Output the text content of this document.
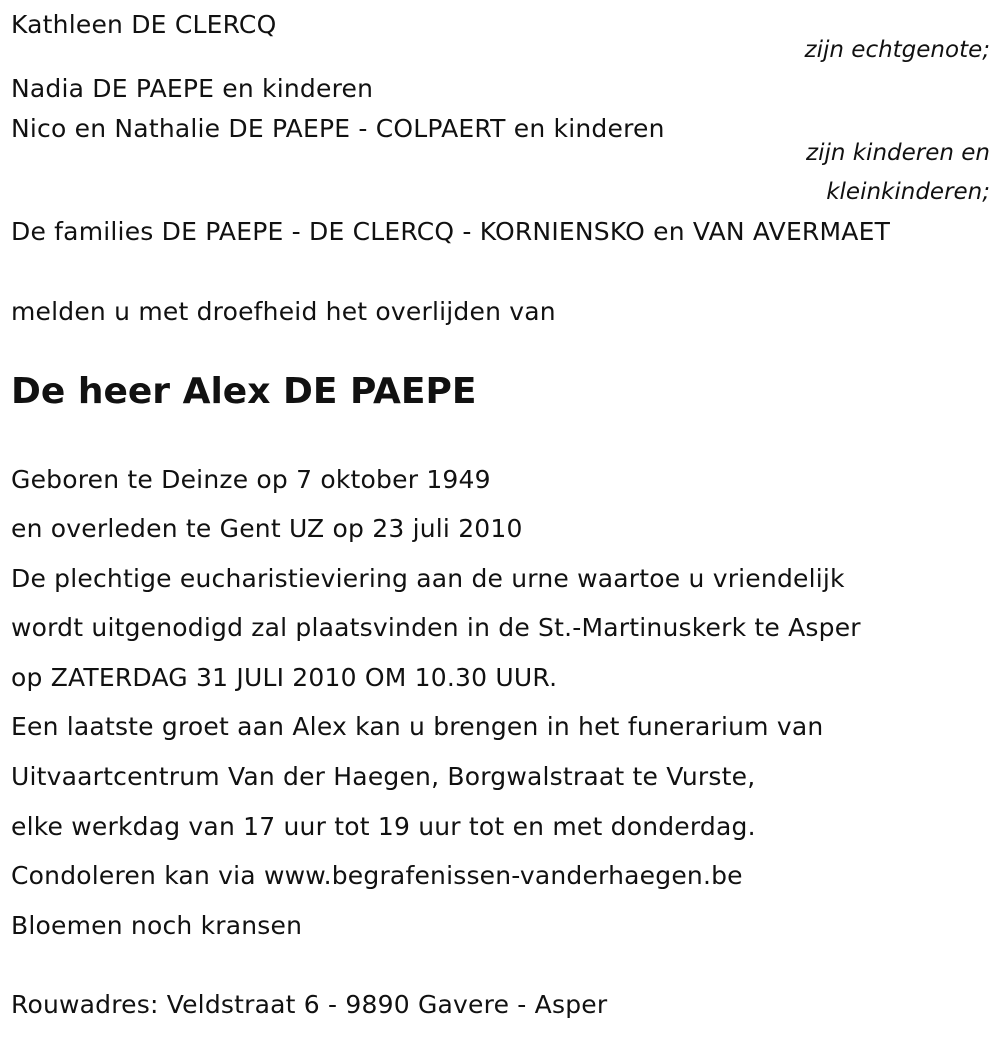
Kathleen DE CLERCQ
zijn echtgenote;
Nadia DE PAEPE en kinderen
Nico en Nathalie DE PAEPE - COLPAERT en kinderen
zijn kinderen en
kleinkinderen;
De families DE PAEPE - DE CLERCQ - KORNIENSKO en VAN AVERMAET
melden u met droefheid het overlijden van
De heer Alex DE PAEPE
Geboren te Deinze op 7 oktober 1949
en overleden te Gent UZ op 23 juli 2010
De plechtige eucharistieviering aan de urne waartoe u vriendelijk
wordt uitgenodigd zal plaatsvinden in de St.-Martinuskerk te Asper
op ZATERDAG 31 JULI 2010 OM 10.30 UUR.
Een laatste groet aan Alex kan u brengen in het funerarium van
Uitvaartcentrum Van der Haegen, Borgwalstraat te Vurste,
elke werkdag van 17 uur tot 19 uur tot en met donderdag.
Condoleren kan via www.begrafenissen-vanderhaegen.be
Bloemen noch kransen
Rouwadres: Veldstraat 6 - 9890 Gavere - Asper
